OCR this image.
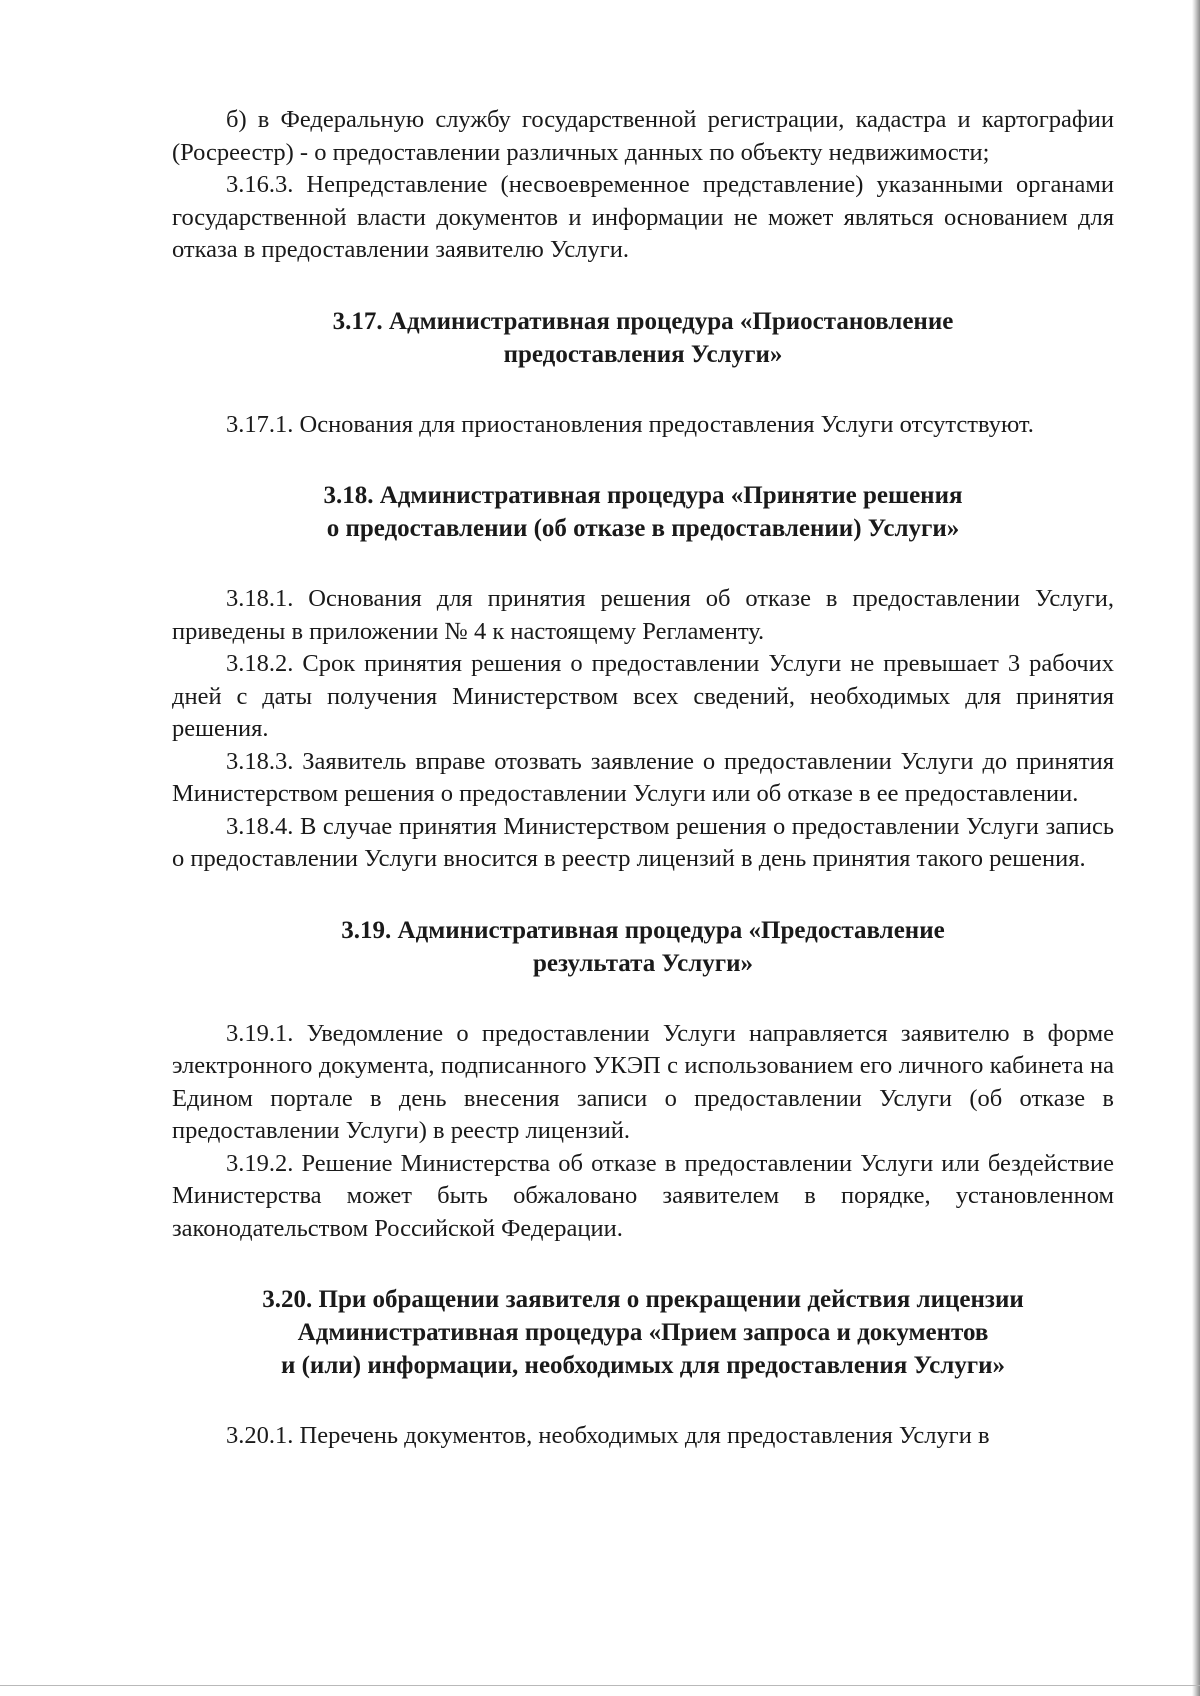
б) в Федеральную службу государственной регистрации, кадастра и картографии (Росреестр) - о предоставлении различных данных по объекту недвижимости;

3.16.3. Непредставление (несвоевременное представление) указанными органами государственной власти документов и информации не может являться основанием для отказа в предоставлении заявителю Услуги.

3.17. Административная процедура «Приостановление
предоставления Услуги»

3.17.1. Основания для приостановления предоставления Услуги отсутствуют.

3.18. Административная процедура «Принятие решения
о предоставлении (об отказе в предоставлении) Услуги»

3.18.1. Основания для принятия решения об отказе в предоставлении Услуги, приведены в приложении № 4 к настоящему Регламенту.

3.18.2. Срок принятия решения о предоставлении Услуги не превышает 3 рабочих дней с даты получения Министерством всех сведений, необходимых для принятия решения.

3.18.3. Заявитель вправе отозвать заявление о предоставлении Услуги до принятия Министерством решения о предоставлении Услуги или об отказе в ее предоставлении.

3.18.4. В случае принятия Министерством решения о предоставлении Услуги запись о предоставлении Услуги вносится в реестр лицензий в день принятия такого решения.

3.19. Административная процедура «Предоставление
результата Услуги»

3.19.1. Уведомление о предоставлении Услуги направляется заявителю в форме электронного документа, подписанного УКЭП с использованием его личного кабинета на Едином портале в день внесения записи о предоставлении Услуги (об отказе в предоставлении Услуги) в реестр лицензий.

3.19.2. Решение Министерства об отказе в предоставлении Услуги или бездействие Министерства может быть обжаловано заявителем в порядке, установленном законодательством Российской Федерации.

3.20. При обращении заявителя о прекращении действия лицензии
Административная процедура «Прием запроса и документов
и (или) информации, необходимых для предоставления Услуги»

3.20.1. Перечень документов, необходимых для предоставления Услуги в
